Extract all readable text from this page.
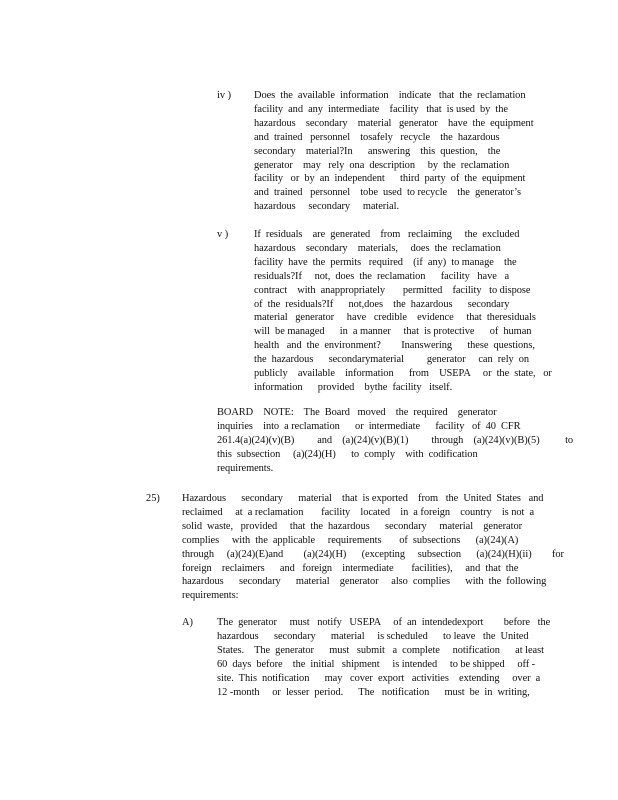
iv ) Does  the  available  information    indicate   that  the  reclamation
facility  and  any  intermediate    facility   that  is used  by  the
hazardous    secondary    material   generator    have  the  equipment
and  trained   personnel    tosafely   recycle    the  hazardous
secondary    material?In      answering    this  question,    the
generator    may   rely  ona  description     by  the  reclamation
facility   or  by  an  independent      third  party  of  the  equipment
and  trained   personnel    tobe  used  to recycle    the  generator’s
hazardous     secondary     material.
v ) If  residuals    are  generated    from   reclaiming     the  excluded
hazardous    secondary    materials,     does  the  reclamation
facility  have  the  permits   required    (if  any)  to manage    the
residuals?If     not,  does  the  reclamation      facility   have   a
contract    with  anappropriately       permitted    facility   to dispose
of  the  residuals?If      not,does    the  hazardous      secondary
material   generator     have   credible    evidence     that  theresiduals
will  be managed      in  a manner     that  is protective      of  human
health   and  the  environment?        Inanswering      these  questions,
the  hazardous      secondarymaterial         generator     can  rely  on
publicly    available    information      from    USEPA     or  the  state,   or
information      provided    bythe  facility   itself.
BOARD    NOTE:    The  Board   moved    the  required    generator
inquiries    into  a reclamation      or  intermediate      facility   of  40  CFR
261.4(a)(24)(v)(B)         and    (a)(24)(v)(B)(1)         through    (a)(24)(v)(B)(5)          to
this  subsection     (a)(24)(H)      to  comply    with  codification
requirements.
25) Hazardous      secondary      material    that  is exported    from   the  United  States   and
reclaimed     at  a reclamation       facility    located    in  a foreign    country    is not  a
solid  waste,   provided     that  the  hazardous      secondary     material    generator
complies     with  the  applicable     requirements       of  subsections      (a)(24)(A)
through     (a)(24)(E)and        (a)(24)(H)      (excepting     subsection      (a)(24)(H)(ii)        for
foreign    reclaimers      and   foreign    intermediate       facilities),     and  that  the
hazardous      secondary      material    generator     also  complies      with  the  following
requirements:
A) The  generator     must   notify   USEPA     of  an  intendedexport        before   the
hazardous      secondary      material     is scheduled      to leave   the  United
States.    The  generator      must   submit   a  complete     notification      at least
60  days  before    the  initial   shipment     is intended     to be shipped     off -
site.  This  notification      may   cover  export   activities    extending     over  a
12 -month     or  lesser  period.      The   notification      must  be  in  writing,
